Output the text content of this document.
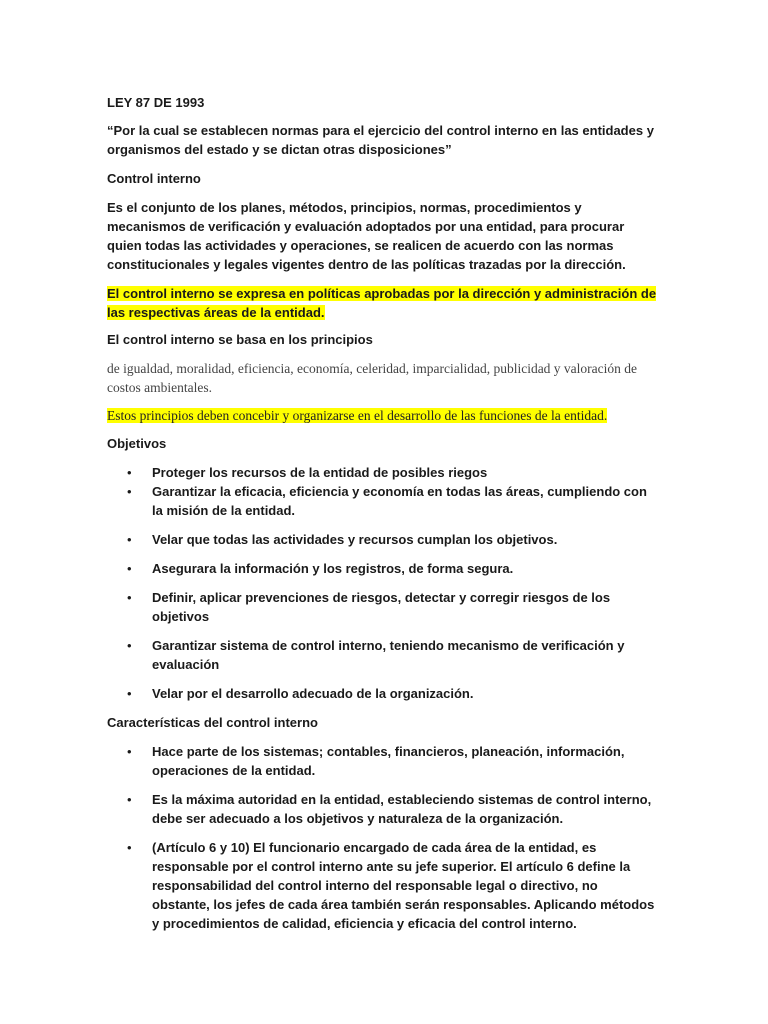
LEY 87 DE 1993

“Por la cual se establecen normas para el ejercicio del control interno en las entidades y organismos del estado y se dictan otras disposiciones”

Control interno

Es el conjunto de los planes, métodos, principios, normas, procedimientos y mecanismos de verificación y evaluación adoptados por una entidad, para procurar quien todas las actividades y operaciones, se realicen de acuerdo con las normas constitucionales y legales vigentes dentro de las políticas trazadas por la dirección.

El control interno se expresa en políticas aprobadas por la dirección y administración de las respectivas áreas de la entidad.

El control interno se basa en los principios

de igualdad, moralidad, eficiencia, economía, celeridad, imparcialidad, publicidad y valoración de costos ambientales.

Estos principios deben concebir y organizarse en el desarrollo de las funciones de la entidad.

Objetivos

• Proteger los recursos de la entidad de posibles riegos
• Garantizar la eficacia, eficiencia y economía en todas las áreas, cumpliendo con la misión de la entidad.
• Velar que todas las actividades y recursos cumplan los objetivos.
• Asegurara la información y los registros, de forma segura.
• Definir, aplicar prevenciones de riesgos, detectar y corregir riesgos de los objetivos
• Garantizar sistema de control interno, teniendo mecanismo de verificación y evaluación
• Velar por el desarrollo adecuado de la organización.

Características del control interno

• Hace parte de los sistemas; contables, financieros, planeación, información, operaciones de la entidad.
• Es la máxima autoridad en la entidad, estableciendo sistemas de control interno, debe ser adecuado a los objetivos y naturaleza de la organización.
• (Artículo 6 y 10) El funcionario encargado de cada área de la entidad, es responsable por el control interno ante su jefe superior. El artículo 6 define la responsabilidad del control interno del responsable legal o directivo, no obstante, los jefes de cada área también serán responsables. Aplicando métodos y procedimientos de calidad, eficiencia y eficacia del control interno.
